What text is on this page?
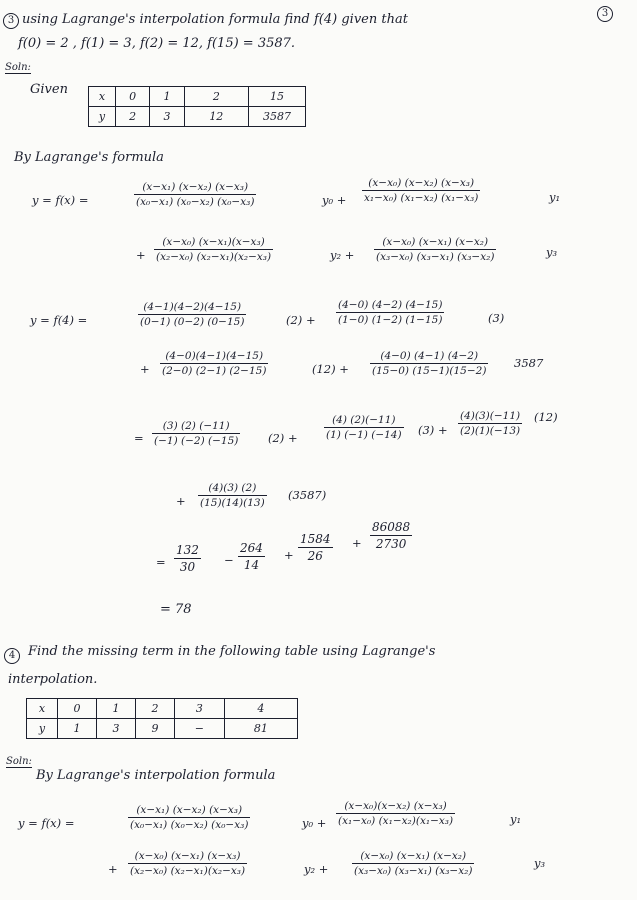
3
3 using Lagrange's interpolation formula find f(4) given that
f(0) = 2 , f(1) = 3, f(2) = 12, f(15) = 3587.
Soln:
Given	x	0	1	2	15
y	2	3	12	3587
By Lagrange's formula
y = f(x) =
(x−x₁) (x−x₂) (x−x₃)
(x₀−x₁) (x₀−x₂) (x₀−x₃)	y₀ +
(x−x₀) (x−x₂) (x−x₃)
x₁−x₀) (x₁−x₂) (x₁−x₃)	y₁
+
(x−x₀) (x−x₁)(x−x₃)
(x₂−x₀) (x₂−x₁)(x₂−x₃)	y₂ +
(x−x₀) (x−x₁) (x−x₂)
(x₃−x₀) (x₃−x₁) (x₃−x₂)	y₃
y = f(4) =
(4−1)(4−2)(4−15)
(0−1) (0−2) (0−15)	(2) +
(4−0) (4−2) (4−15)
(1−0) (1−2) (1−15)	(3)
+
(4−0)(4−1)(4−15)
(2−0) (2−1) (2−15)	(12) +
(4−0) (4−1) (4−2)
(15−0) (15−1)(15−2)
3587
=
(3) (2) (−11)
(−1) (−2) (−15)	(2) +
(4) (2)(−11)
(1) (−1) (−14) (3) +
(4)(3)(−11)
(2)(1)(−13)
(12)
+
(4)(3) (2)
(15)(14)(13)
(3587)
=
132
30	−
264
14
+
1584
26
+
86088
2730
= 78
4 Find the missing term in the following table using Lagrange's
interpolation.
x	0	1	2	3	4
y	1	3	9	−	81
Soln:
By Lagrange's interpolation formula
y = f(x) =
(x−x₁) (x−x₂) (x−x₃)
(x₀−x₁) (x₀−x₂) (x₀−x₃)	y₀ +
(x−x₀)(x−x₂) (x−x₃)
(x₁−x₀) (x₁−x₂)(x₁−x₃)	y₁
+
(x−x₀) (x−x₁) (x−x₃)
(x₂−x₀) (x₂−x₁)(x₂−x₃)	y₂ +
(x−x₀) (x−x₁) (x−x₂)
(x₃−x₀) (x₃−x₁) (x₃−x₂)
y₃
